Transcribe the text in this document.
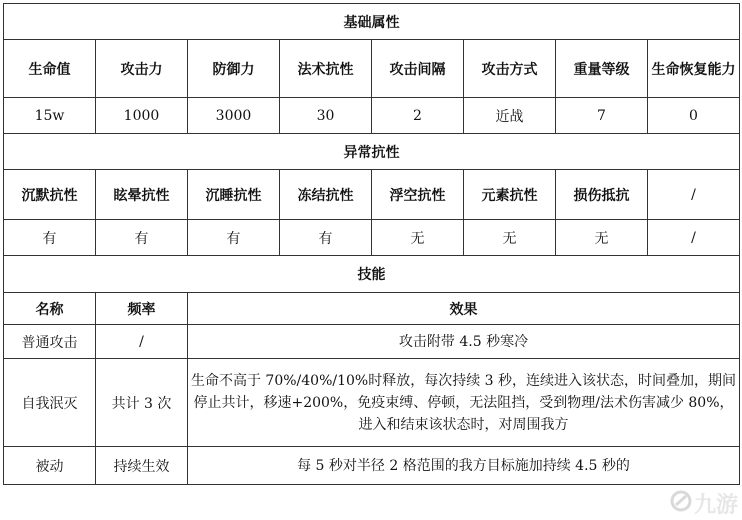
基础属性							
生命值	攻击力	防御力	法术抗性	攻击间隔	攻击方式	重量等级	生命恢复能力
15w	1000	3000	30	2	近战	7	0
异常抗性							
沉默抗性	眩晕抗性	沉睡抗性	冻结抗性	浮空抗性	元素抗性	损伤抵抗	/
有	有	有	有	无	无	无	/
技能							
名称	频率	效果					
普通攻击	/	攻击附带 4.5 秒寒冷					
自我泯灭	共计 3 次	生命不高于 70%/40%/10%时释放，每次持续 3 秒，连续进入该状态，时间叠加，期间停止共计，移速+200%，免疫束缚、停顿，无法阻挡，受到物理/法术伤害减少 80%，进入和结束该状态时，对周围我方					
被动	持续生效	每 5 秒对半径 2 格范围的我方目标施加持续 4.5 秒的					
九游
